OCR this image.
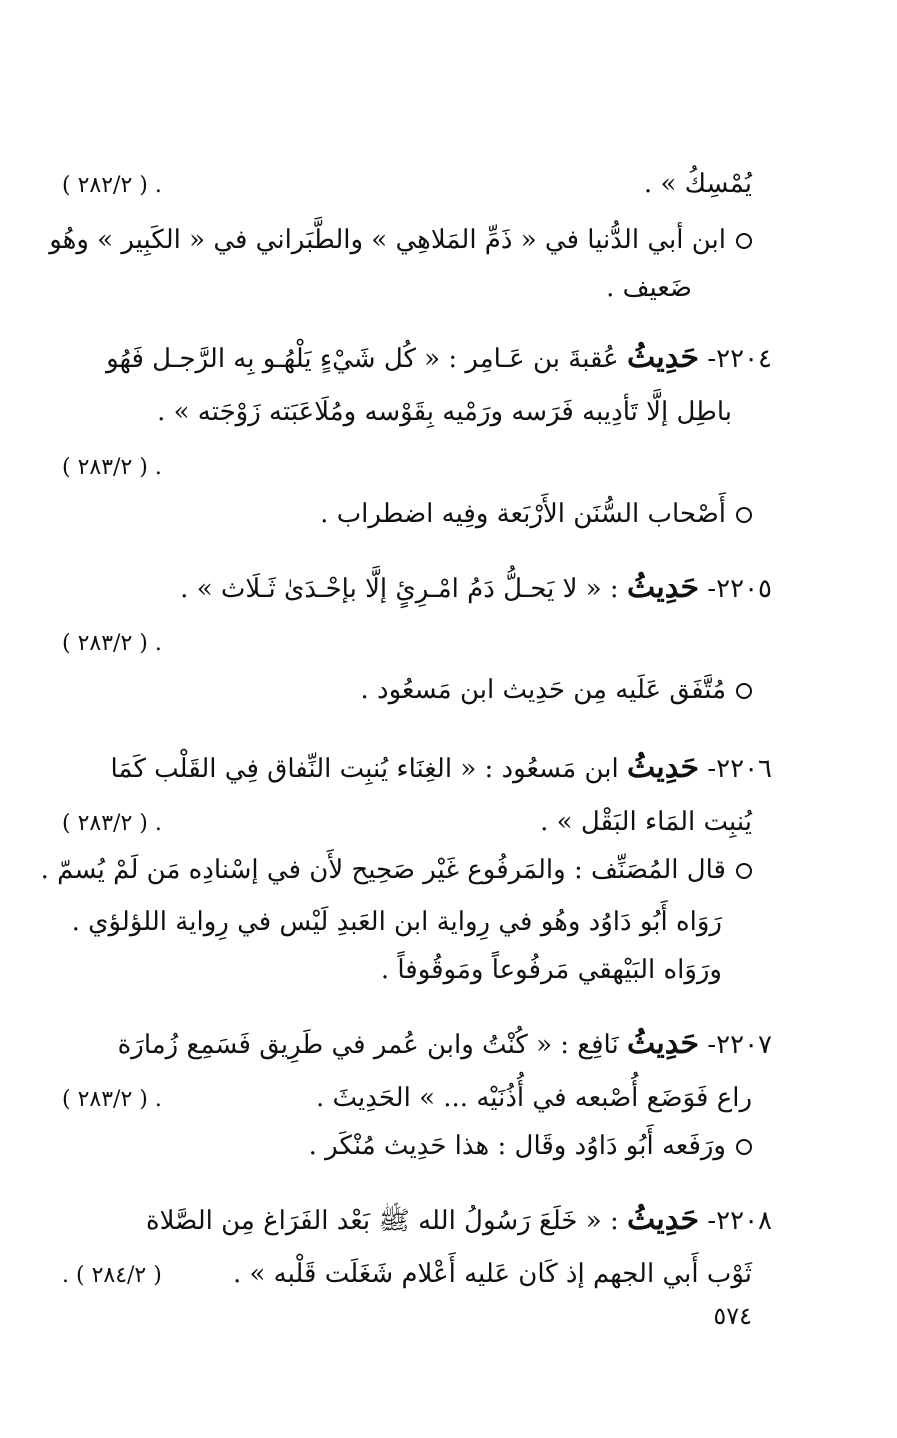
يُمْسِكُ » .
. ( ٢٨٢/٢ )
ابن أبي الدُّنيا في « ذَمِّ المَلاهِي » والطَّبَراني في « الكَبِير » وهُو
ضَعيف .
٢٢٠٤- حَدِيثُ عُقبةَ بن عَـامِر : « كُل شَيْءٍ يَلْهُـو بِه الرَّجـل فَهُو
باطِل إلَّا تَأدِيبه فَرَسه ورَمْيه بِقَوْسه ومُلَاعَبَته زَوْجَته » .
. ( ٢٨٣/٢ )
أَصْحاب السُّنَن الأَرْبَعة وفِيه اضطراب .
٢٢٠٥- حَدِيثُ : « لا يَحـلُّ دَمُ امْـرِئٍ إلَّا بإحْـدَىٰ ثَـلَاث » .
. ( ٢٨٣/٢ )
مُتَّفَق عَلَيه مِن حَدِيث ابن مَسعُود .
٢٢٠٦- حَدِيثُ ابن مَسعُود : « الغِنَاء يُنبِت النِّفاق فِي القَلْب كَمَا
يُنبِت المَاء البَقْل » .
. ( ٢٨٣/٢ )
قال المُصَنِّف : والمَرفُوع غَيْر صَحِيح لأَن في إسْنادِه مَن لَمْ يُسمّ .
رَوَاه أَبُو دَاوُد وهُو في رِواية ابن العَبدِ لَيْس في رِواية اللؤلؤي .
ورَوَاه البَيْهقي مَرفُوعاً ومَوقُوفاً .
٢٢٠٧- حَدِيثُ نَافِع : « كُنْتُ وابن عُمر في طَرِيق فَسَمِع زُمارَة
راع فَوَضَع أُصْبعه في أُذُنَيْه ... » الحَدِيثَ .
. ( ٢٨٣/٢ )
ورَفَعه أَبُو دَاوُد وقَال : هذا حَدِيث مُنْكَر .
٢٢٠٨- حَدِيثُ : « خَلَعَ رَسُولُ الله ﷺ بَعْد الفَرَاغ مِن الصَّلاة
ثَوْب أَبي الجهم إذ كَان عَليه أَعْلام شَغَلَت قَلْبه » .
( ٢٨٤/٢ ) .
٥٧٤
